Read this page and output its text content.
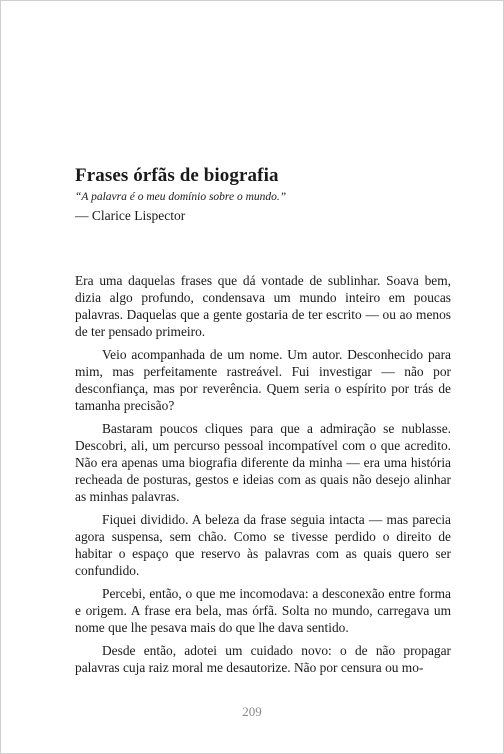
Frases órfãs de biografia
“A palavra é o meu domínio sobre o mundo.”
— Clarice Lispector

Era uma daquelas frases que dá vontade de sublinhar. Soava bem, dizia algo profundo, condensava um mundo inteiro em poucas palavras. Daquelas que a gente gostaria de ter escrito — ou ao menos de ter pensado primeiro.

Veio acompanhada de um nome. Um autor. Desconhecido para mim, mas perfeitamente rastreável. Fui investigar — não por desconfiança, mas por reverência. Quem seria o espírito por trás de tamanha precisão?

Bastaram poucos cliques para que a admiração se nublasse. Descobri, ali, um percurso pessoal incompatível com o que acredito. Não era apenas uma biografia diferente da minha — era uma história recheada de posturas, gestos e ideias com as quais não desejo alinhar as minhas palavras.

Fiquei dividido. A beleza da frase seguia intacta — mas parecia agora suspensa, sem chão. Como se tivesse perdido o direito de habitar o espaço que reservo às palavras com as quais quero ser confundido.

Percebi, então, o que me incomodava: a desconexão entre forma e origem. A frase era bela, mas órfã. Solta no mundo, carregava um nome que lhe pesava mais do que lhe dava sentido.

Desde então, adotei um cuidado novo: o de não propagar palavras cuja raiz moral me desautorize. Não por censura ou mo-

209
